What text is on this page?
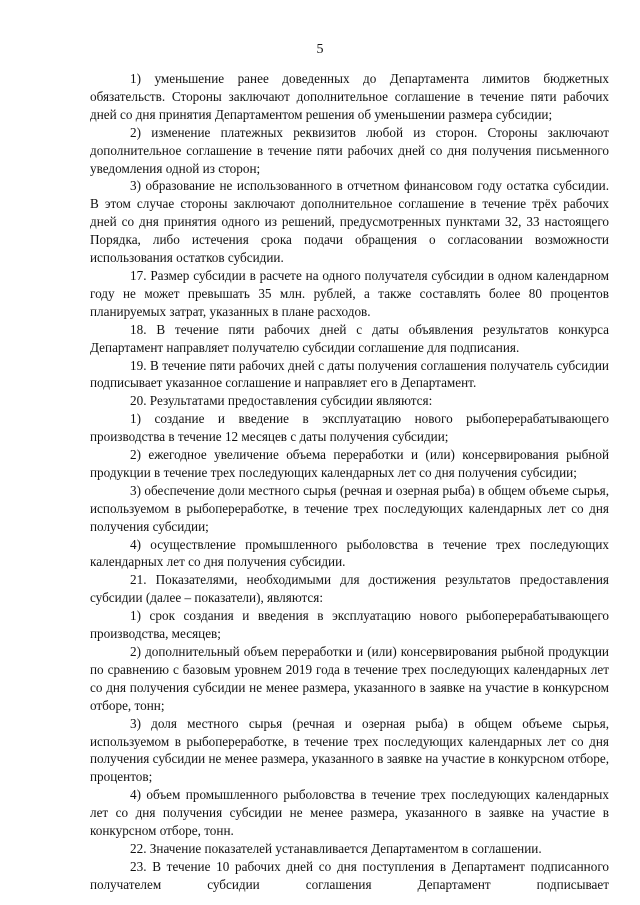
5

1) уменьшение ранее доведенных до Департамента лимитов бюджетных обязательств. Стороны заключают дополнительное соглашение в течение пяти рабочих дней со дня принятия Департаментом решения об уменьшении размера субсидии;

2) изменение платежных реквизитов любой из сторон. Стороны заключают дополнительное соглашение в течение пяти рабочих дней со дня получения письменного уведомления одной из сторон;

3) образование не использованного в отчетном финансовом году остатка субсидии. В этом случае стороны заключают дополнительное соглашение в течение трёх рабочих дней со дня принятия одного из решений, предусмотренных пунктами 32, 33 настоящего Порядка, либо истечения срока подачи обращения о согласовании возможности использования остатков субсидии.

17. Размер субсидии в расчете на одного получателя субсидии в одном календарном году не может превышать 35 млн. рублей, а также составлять более 80 процентов планируемых затрат, указанных в плане расходов.

18. В течение пяти рабочих дней с даты объявления результатов конкурса Департамент направляет получателю субсидии соглашение для подписания.

19. В течение пяти рабочих дней с даты получения соглашения получатель субсидии подписывает указанное соглашение и направляет его в Департамент.

20. Результатами предоставления субсидии являются:

1) создание и введение в эксплуатацию нового рыбоперерабатывающего производства в течение 12 месяцев с даты получения субсидии;

2) ежегодное увеличение объема переработки и (или) консервирования рыбной продукции в течение трех последующих календарных лет со дня получения субсидии;

3) обеспечение доли местного сырья (речная и озерная рыба) в общем объеме сырья, используемом в рыбопереработке, в течение трех последующих календарных лет со дня получения субсидии;

4) осуществление промышленного рыболовства в течение трех последующих календарных лет со дня получения субсидии.

21. Показателями, необходимыми для достижения результатов предоставления субсидии (далее – показатели), являются:

1) срок создания и введения в эксплуатацию нового рыбоперерабатывающего производства, месяцев;

2) дополнительный объем переработки и (или) консервирования рыбной продукции по сравнению с базовым уровнем 2019 года в течение трех последующих календарных лет со дня получения субсидии не менее размера, указанного в заявке на участие в конкурсном отборе, тонн;

3) доля местного сырья (речная и озерная рыба) в общем объеме сырья, используемом в рыбопереработке, в течение трех последующих календарных лет со дня получения субсидии не менее размера, указанного в заявке на участие в конкурсном отборе, процентов;

4) объем промышленного рыболовства в течение трех последующих календарных лет со дня получения субсидии не менее размера, указанного в заявке на участие в конкурсном отборе, тонн.

22. Значение показателей устанавливается Департаментом в соглашении.

23. В течение 10 рабочих дней со дня поступления в Департамент подписанного получателем субсидии соглашения Департамент подписывает
